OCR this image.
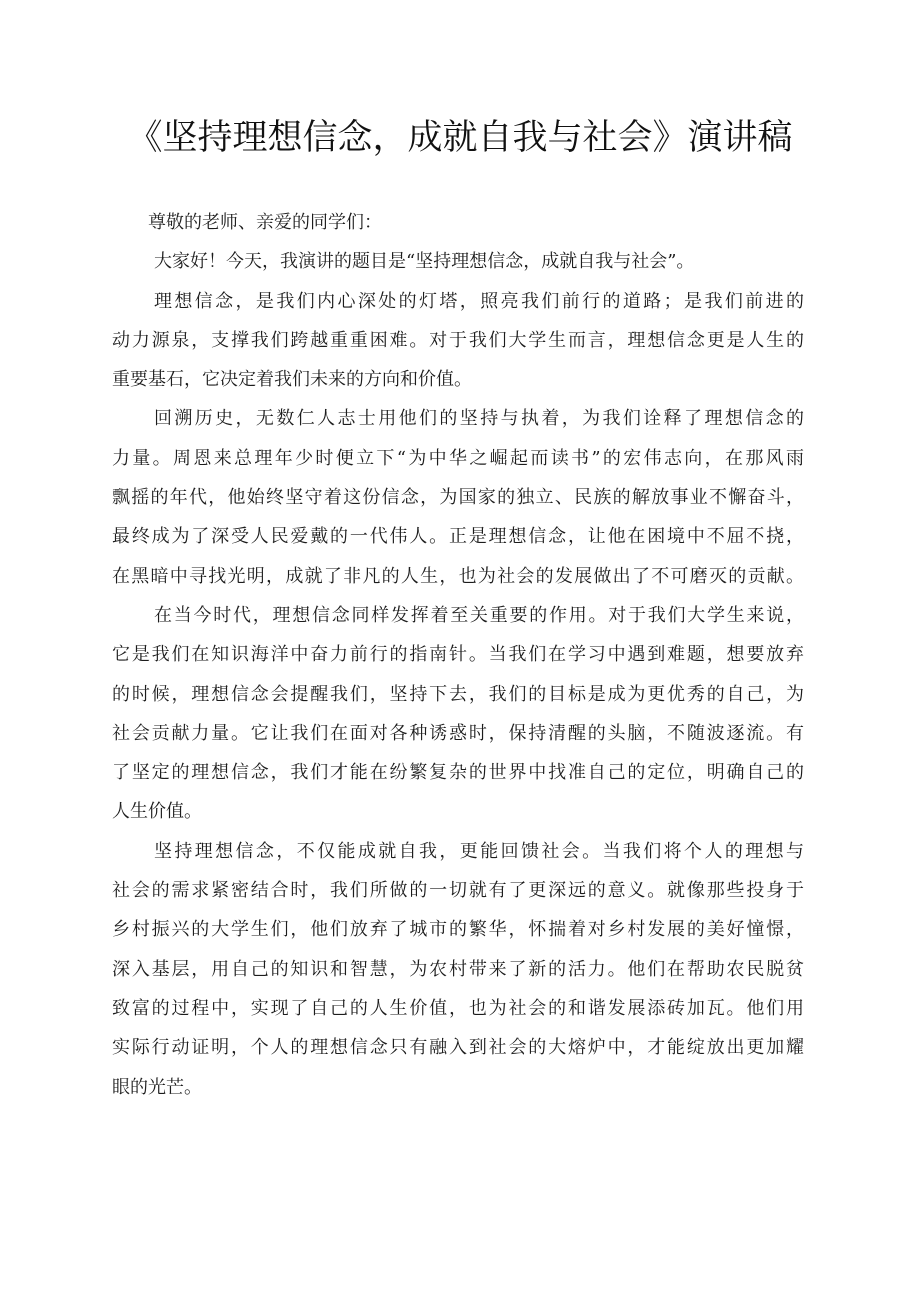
《坚持理想信念，成就自我与社会》演讲稿
尊敬的老师、亲爱的同学们：
大家好！今天，我演讲的题目是“坚持理想信念，成就自我与社会”。
理想信念，是我们内心深处的灯塔，照亮我们前行的道路；是我们前进的
动力源泉，支撑我们跨越重重困难。对于我们大学生而言，理想信念更是人生的
重要基石，它决定着我们未来的方向和价值。
回溯历史，无数仁人志士用他们的坚持与执着，为我们诠释了理想信念的
力量。周恩来总理年少时便立下“为中华之崛起而读书”的宏伟志向，在那风雨
飘摇的年代，他始终坚守着这份信念，为国家的独立、民族的解放事业不懈奋斗，
最终成为了深受人民爱戴的一代伟人。正是理想信念，让他在困境中不屈不挠，
在黑暗中寻找光明，成就了非凡的人生，也为社会的发展做出了不可磨灭的贡献。
在当今时代，理想信念同样发挥着至关重要的作用。对于我们大学生来说，
它是我们在知识海洋中奋力前行的指南针。当我们在学习中遇到难题，想要放弃
的时候，理想信念会提醒我们，坚持下去，我们的目标是成为更优秀的自己，为
社会贡献力量。它让我们在面对各种诱惑时，保持清醒的头脑，不随波逐流。有
了坚定的理想信念，我们才能在纷繁复杂的世界中找准自己的定位，明确自己的
人生价值。
坚持理想信念，不仅能成就自我，更能回馈社会。当我们将个人的理想与
社会的需求紧密结合时，我们所做的一切就有了更深远的意义。就像那些投身于
乡村振兴的大学生们，他们放弃了城市的繁华，怀揣着对乡村发展的美好憧憬，
深入基层，用自己的知识和智慧，为农村带来了新的活力。他们在帮助农民脱贫
致富的过程中，实现了自己的人生价值，也为社会的和谐发展添砖加瓦。他们用
实际行动证明，个人的理想信念只有融入到社会的大熔炉中，才能绽放出更加耀
眼的光芒。
